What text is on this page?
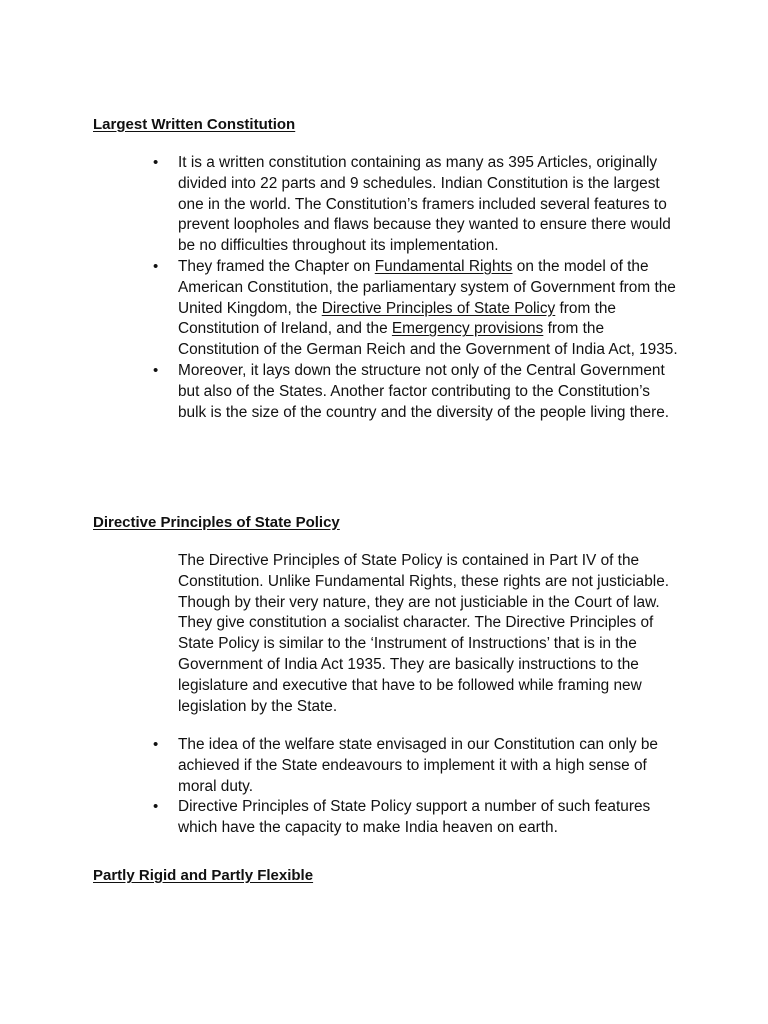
Largest Written Constitution
• It is a written constitution containing as many as 395 Articles, originally divided into 22 parts and 9 schedules. Indian Constitution is the largest one in the world. The Constitution’s framers included several features to prevent loopholes and flaws because they wanted to ensure there would be no difficulties throughout its implementation.
• They framed the Chapter on Fundamental Rights on the model of the American Constitution, the parliamentary system of Government from the United Kingdom, the Directive Principles of State Policy from the Constitution of Ireland, and the Emergency provisions from the Constitution of the German Reich and the Government of India Act, 1935.
• Moreover, it lays down the structure not only of the Central Government but also of the States. Another factor contributing to the Constitution’s bulk is the size of the country and the diversity of the people living there.
Directive Principles of State Policy

The Directive Principles of State Policy is contained in Part IV of the Constitution. Unlike Fundamental Rights, these rights are not justiciable. Though by their very nature, they are not justiciable in the Court of law. They give constitution a socialist character. The Directive Principles of State Policy is similar to the ‘Instrument of Instructions’ that is in the Government of India Act 1935. They are basically instructions to the legislature and executive that have to be followed while framing new legislation by the State.

• The idea of the welfare state envisaged in our Constitution can only be achieved if the State endeavours to implement it with a high sense of moral duty.
• Directive Principles of State Policy support a number of such features which have the capacity to make India heaven on earth.
Partly Rigid and Partly Flexible
